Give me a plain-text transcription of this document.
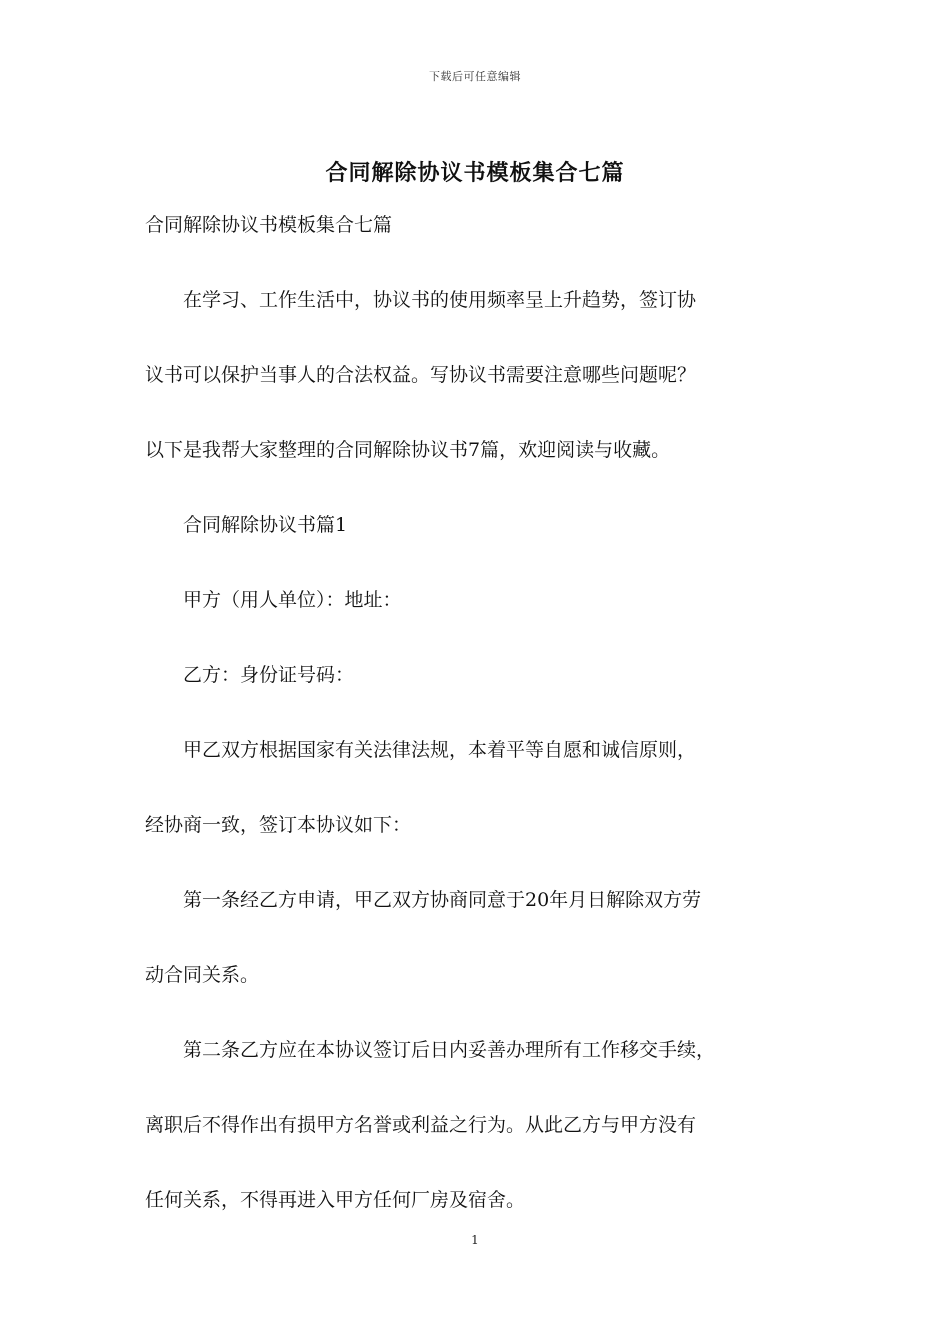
下载后可任意编辑
合同解除协议书模板集合七篇
合同解除协议书模板集合七篇
　　在学习、工作生活中，协议书的使用频率呈上升趋势，签订协
议书可以保护当事人的合法权益。写协议书需要注意哪些问题呢？
以下是我帮大家整理的合同解除协议书7篇，欢迎阅读与收藏。
　　合同解除协议书篇1
　　甲方（用人单位）：地址：
　　乙方：身份证号码：
　　甲乙双方根据国家有关法律法规，本着平等自愿和诚信原则，
经协商一致，签订本协议如下：
　　第一条经乙方申请，甲乙双方协商同意于20年月日解除双方劳
动合同关系。
　　第二条乙方应在本协议签订后日内妥善办理所有工作移交手续，
离职后不得作出有损甲方名誉或利益之行为。从此乙方与甲方没有
任何关系，不得再进入甲方任何厂房及宿舍。
1
